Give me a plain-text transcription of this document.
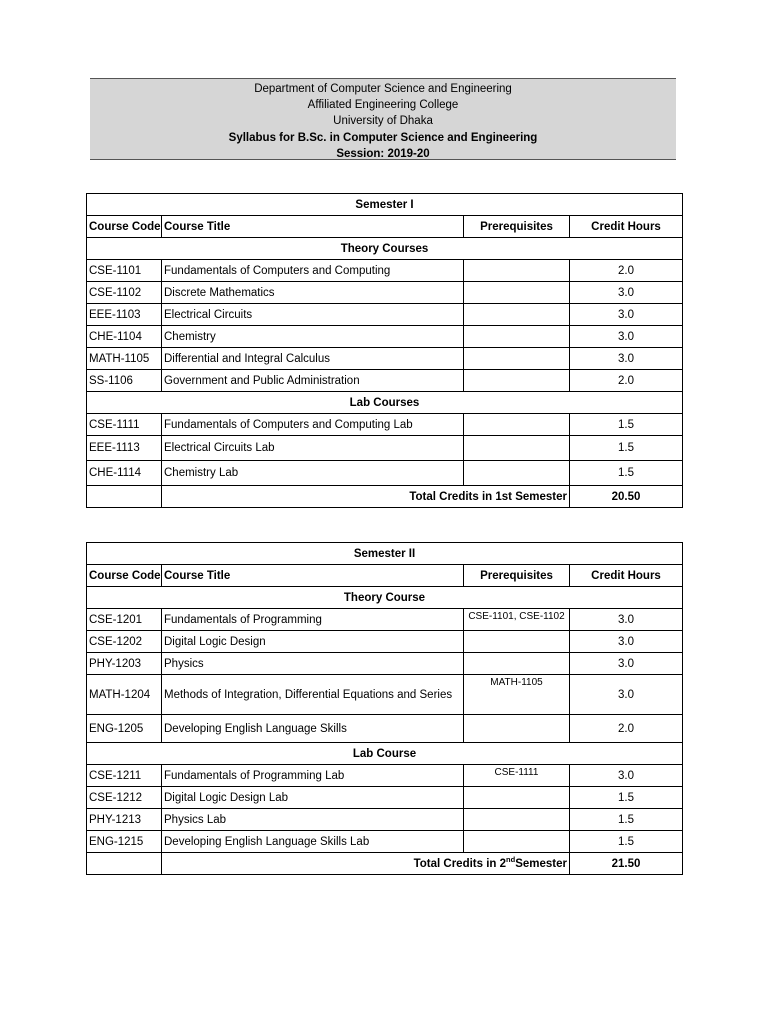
Department of Computer Science and Engineering
Affiliated Engineering College
University of Dhaka
Syllabus for B.Sc. in Computer Science and Engineering
Session: 2019-20
Semester I			
Course Code	Course Title	Prerequisites	Credit Hours
Theory Courses			
CSE-1101	Fundamentals of Computers and Computing		2.0
CSE-1102	Discrete Mathematics		3.0
EEE-1103	Electrical Circuits		3.0
CHE-1104	Chemistry		3.0
MATH-1105	Differential and Integral Calculus		3.0
SS-1106	Government and Public Administration		2.0
Lab Courses			
CSE-1111	Fundamentals of Computers and Computing Lab		1.5
EEE-1113	Electrical Circuits Lab		1.5
CHE-1114	Chemistry Lab		1.5
	Total Credits in 1st Semester		20.50
Semester II			
Course Code	Course Title	Prerequisites	Credit Hours
Theory Course			
CSE-1201	Fundamentals of Programming	CSE-1101, CSE-1102	3.0
CSE-1202	Digital Logic Design		3.0
PHY-1203	Physics		3.0
MATH-1204	Methods of Integration, Differential Equations and Series	MATH-1105	3.0
ENG-1205	Developing English Language Skills		2.0
Lab Course			
CSE-1211	Fundamentals of Programming Lab	CSE-1111	3.0
CSE-1212	Digital Logic Design Lab		1.5
PHY-1213	Physics Lab		1.5
ENG-1215	Developing English Language Skills Lab		1.5
	Total Credits in 2ndSemester		21.50
